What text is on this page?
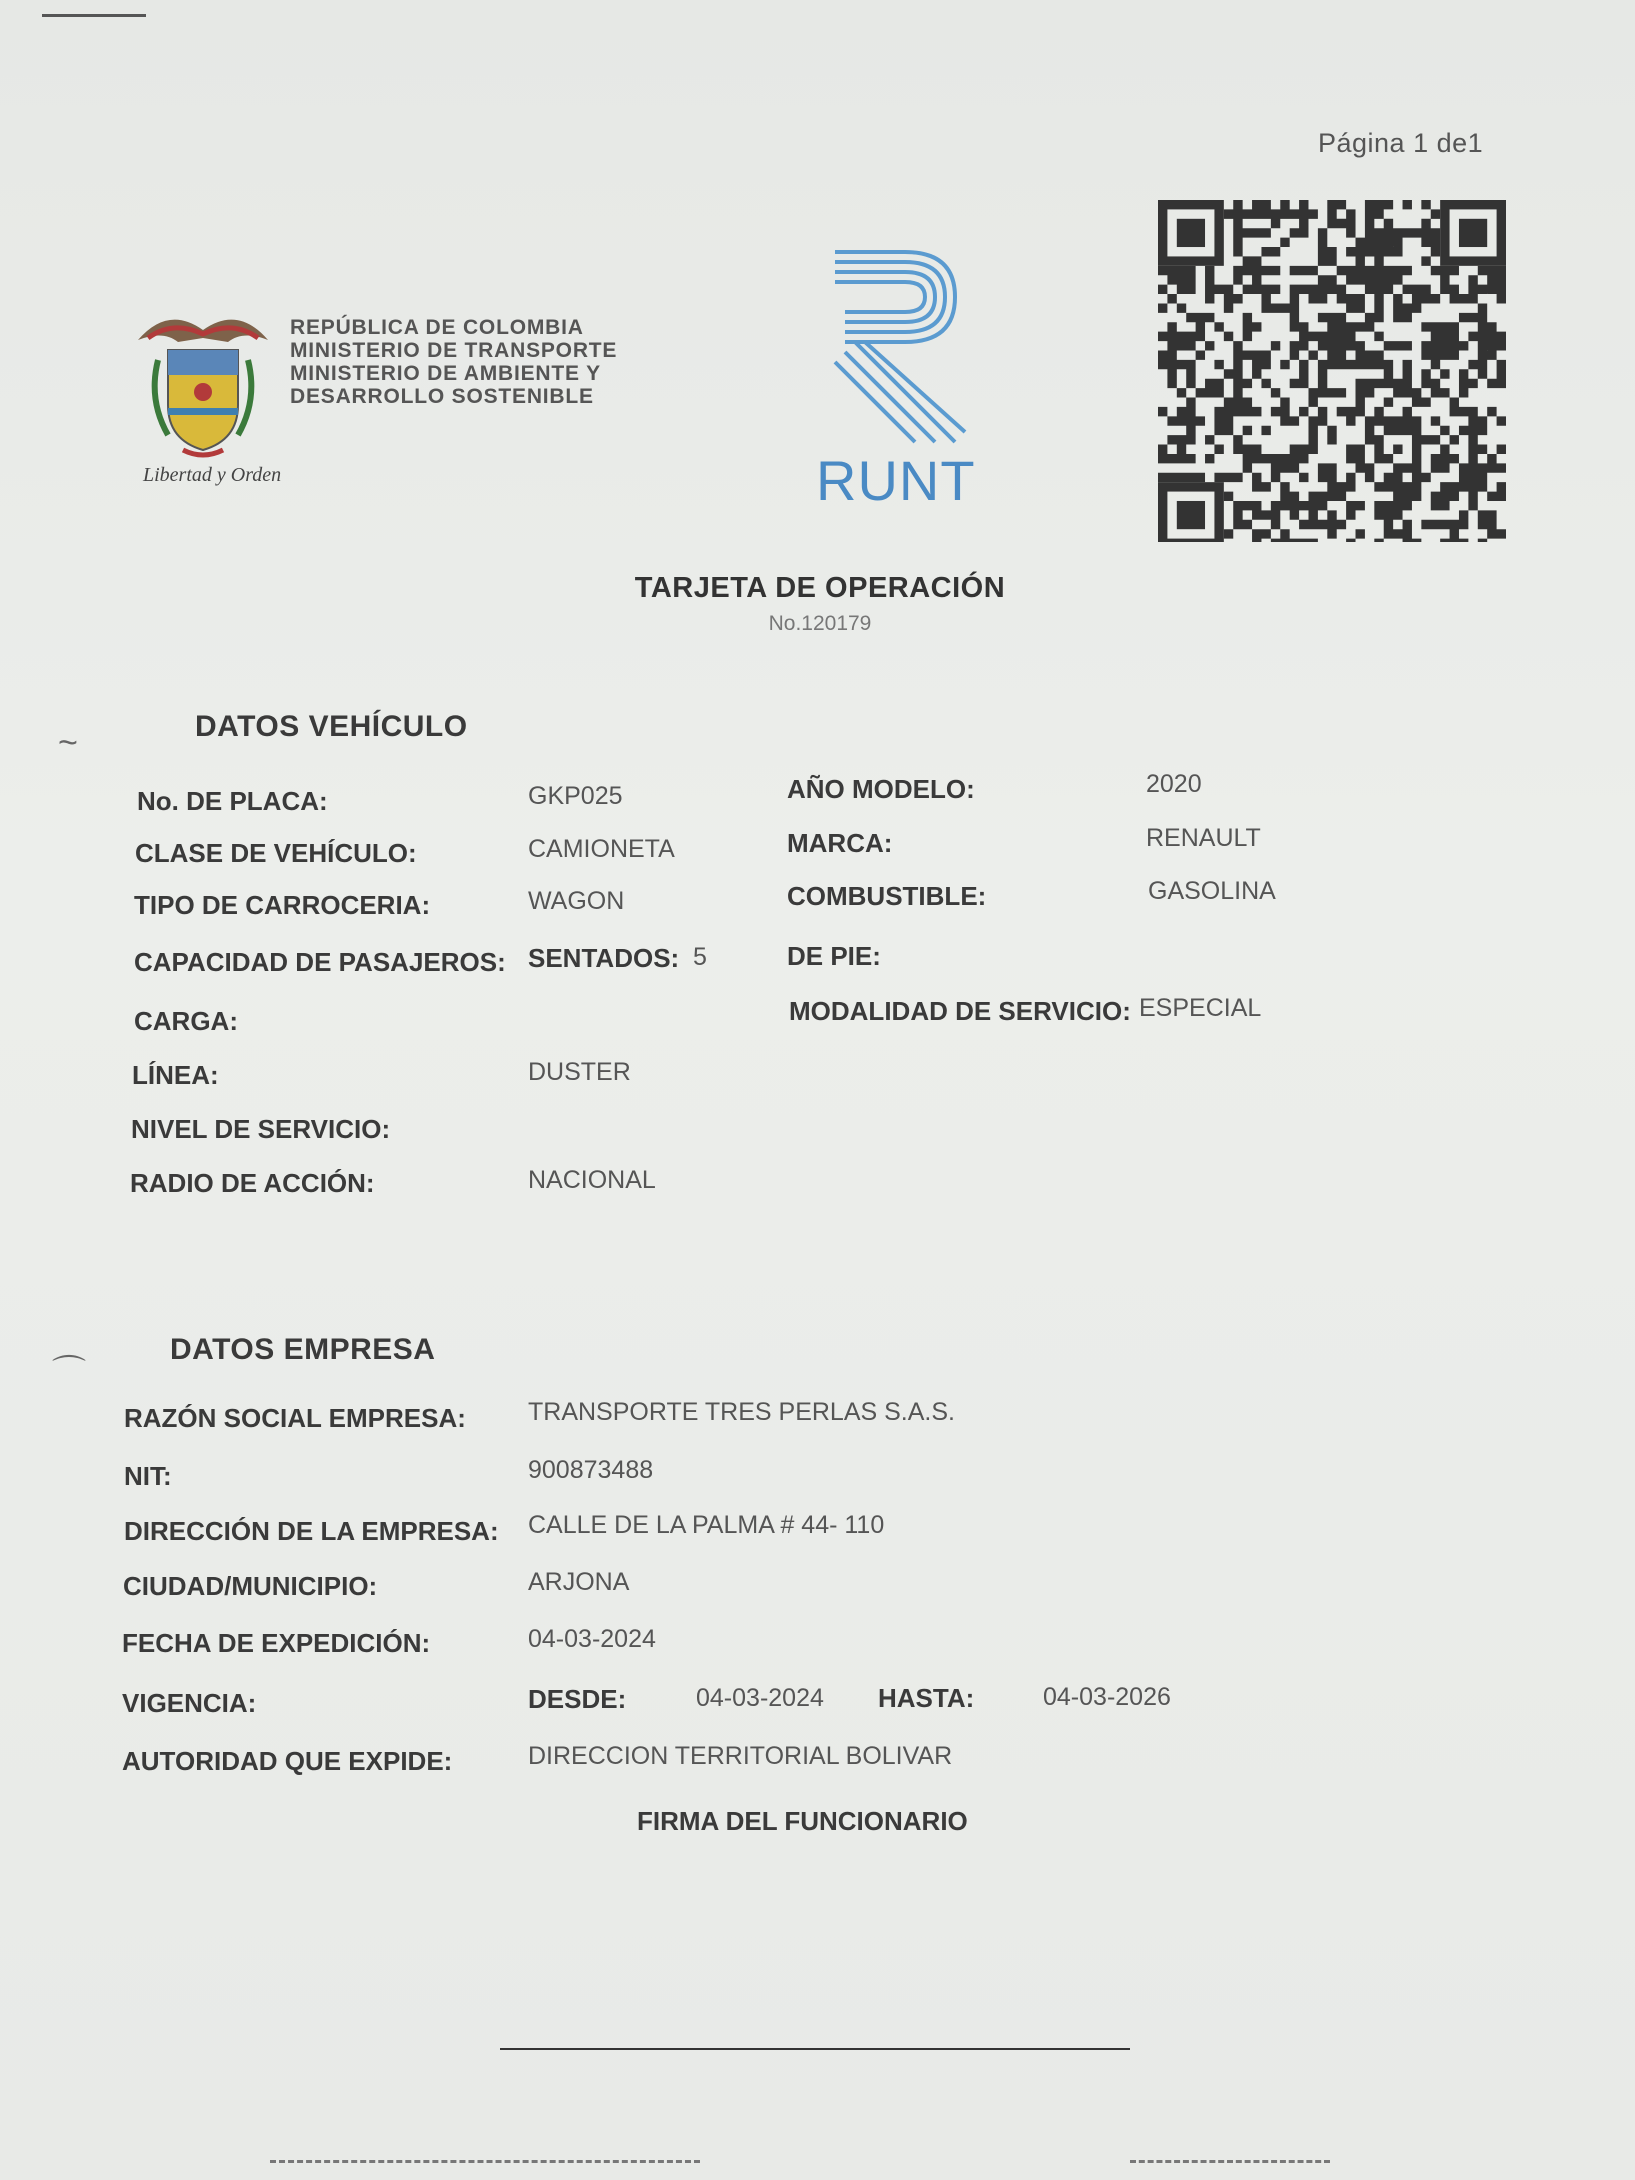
Página 1 de1
Libertad y Orden
REPÚBLICA DE COLOMBIA
MINISTERIO DE TRANSPORTE
MINISTERIO DE AMBIENTE Y
DESARROLLO SOSTENIBLE
RUNT
TARJETA DE OPERACIÓN
No.120179
~	DATOS VEHÍCULO
No. DE PLACA:	GKP025	AÑO MODELO:	2020
CLASE DE VEHÍCULO:	CAMIONETA	MARCA:	RENAULT
TIPO DE CARROCERIA:	WAGON	COMBUSTIBLE:	GASOLINA
CAPACIDAD DE PASAJEROS: SENTADOS: 5	DE PIE:
CARGA:	MODALIDAD DE SERVICIO: ESPECIAL
LÍNEA:	DUSTER
NIVEL DE SERVICIO:
RADIO DE ACCIÓN:	NACIONAL
⌒
DATOS EMPRESA
RAZÓN SOCIAL EMPRESA: TRANSPORTE TRES PERLAS S.A.S.
NIT:	900873488
DIRECCIÓN DE LA EMPRESA: CALLE DE LA PALMA # 44- 110
CIUDAD/MUNICIPIO:	ARJONA
FECHA DE EXPEDICIÓN:	04-03-2024
VIGENCIA:	DESDE:	04-03-2024 HASTA:	04-03-2026
AUTORIDAD QUE EXPIDE:	DIRECCION TERRITORIAL BOLIVAR
FIRMA DEL FUNCIONARIO
